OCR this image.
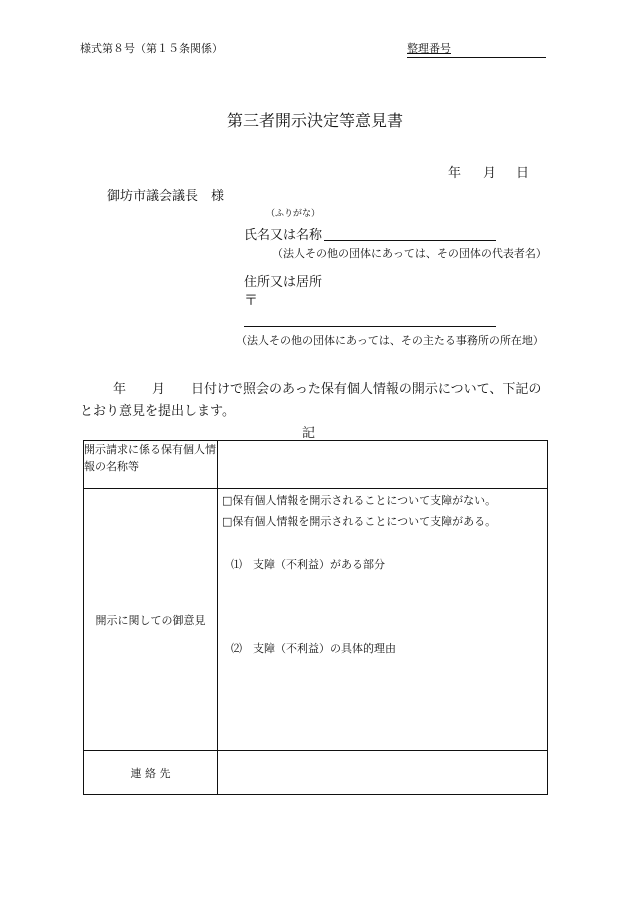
様式第８号（第１５条関係）	整理番号
第三者開示決定等意見書
年 月 日
御坊市議会議長　様
（ふりがな）
氏名又は名称
（法人その他の団体にあっては、その団体の代表者名）
住所又は居所
〒
（法人その他の団体にあっては、その主たる事務所の所在地）
年　　月　　日付けで照会のあった保有個人情報の開示について、下記の
とおり意見を提出します。
記
開示請求に係る保有個人情報の名称等	
開示に関しての御意見	□保有個人情報を開示されることについて支障がない。
□保有個人情報を開示されることについて支障がある。
⑴　支障（不利益）がある部分
⑵　支障（不利益）の具体的理由

連 絡 先	
